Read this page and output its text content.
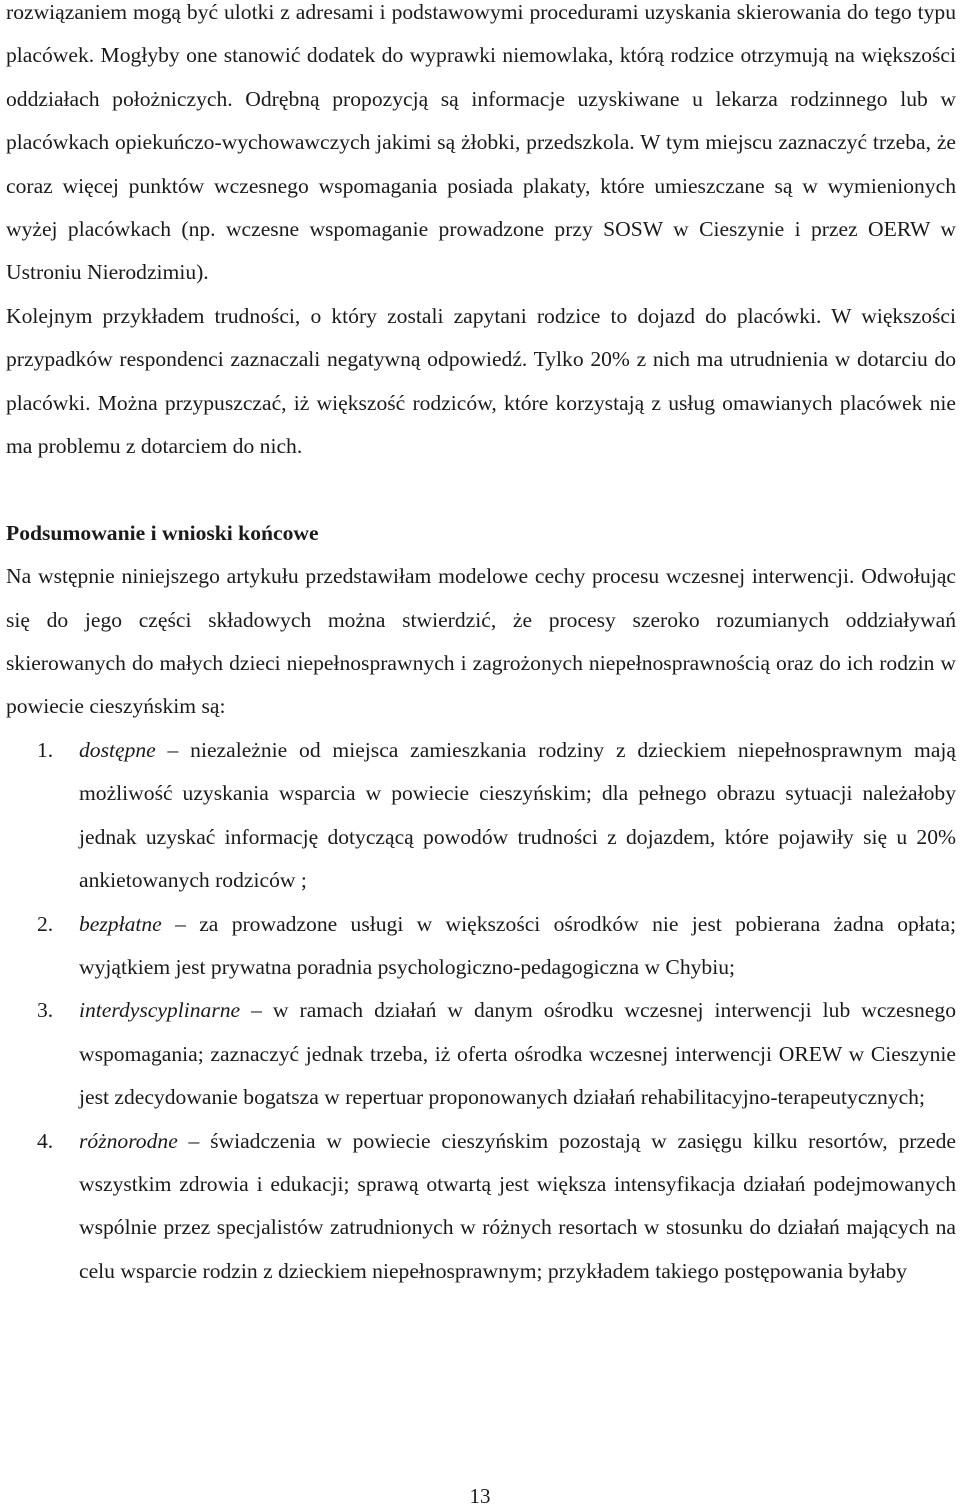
rozwiązaniem mogą być ulotki z adresami i podstawowymi procedurami uzyskania skierowania do tego typu placówek. Mogłyby one stanowić dodatek do wyprawki niemowlaka, którą rodzice otrzymują na większości oddziałach położniczych. Odrębną propozycją są informacje uzyskiwane u lekarza rodzinnego lub w placówkach opiekuńczo-wychowawczych jakimi są żłobki, przedszkola. W tym miejscu zaznaczyć trzeba, że coraz więcej punktów wczesnego wspomagania posiada plakaty, które umieszczane są w wymienionych wyżej placówkach (np. wczesne wspomaganie prowadzone przy SOSW w Cieszynie i przez OERW w Ustroniu Nierodzimiu).

Kolejnym przykładem trudności, o który zostali zapytani rodzice to dojazd do placówki. W większości przypadków respondenci zaznaczali negatywną odpowiedź. Tylko 20% z nich ma utrudnienia w dotarciu do placówki. Można przypuszczać, iż większość rodziców, które korzystają z usług omawianych placówek nie ma problemu z dotarciem do nich.

Podsumowanie i wnioski końcowe

Na wstępnie niniejszego artykułu przedstawiłam modelowe cechy procesu wczesnej interwencji. Odwołując się do jego części składowych można stwierdzić, że procesy szeroko rozumianych oddziaływań skierowanych do małych dzieci niepełnosprawnych i zagrożonych niepełnosprawnością oraz do ich rodzin w powiecie cieszyńskim są:

1. dostępne – niezależnie od miejsca zamieszkania rodziny z dzieckiem niepełnosprawnym mają możliwość uzyskania wsparcia w powiecie cieszyńskim; dla pełnego obrazu sytuacji należałoby jednak uzyskać informację dotyczącą powodów trudności z dojazdem, które pojawiły się u 20% ankietowanych rodziców ;
2. bezpłatne – za prowadzone usługi w większości ośrodków nie jest pobierana żadna opłata; wyjątkiem jest prywatna poradnia psychologiczno-pedagogiczna w Chybiu;
3. interdyscyplinarne – w ramach działań w danym ośrodku wczesnej interwencji lub wczesnego wspomagania; zaznaczyć jednak trzeba, iż oferta ośrodka wczesnej interwencji OREW w Cieszynie jest zdecydowanie bogatsza w repertuar proponowanych działań rehabilitacyjno-terapeutycznych;
4. różnorodne – świadczenia w powiecie cieszyńskim pozostają w zasięgu kilku resortów, przede wszystkim zdrowia i edukacji; sprawą otwartą jest większa intensyfikacja działań podejmowanych wspólnie przez specjalistów zatrudnionych w różnych resortach w stosunku do działań mających na celu wsparcie rodzin z dzieckiem niepełnosprawnym; przykładem takiego postępowania byłaby
13
